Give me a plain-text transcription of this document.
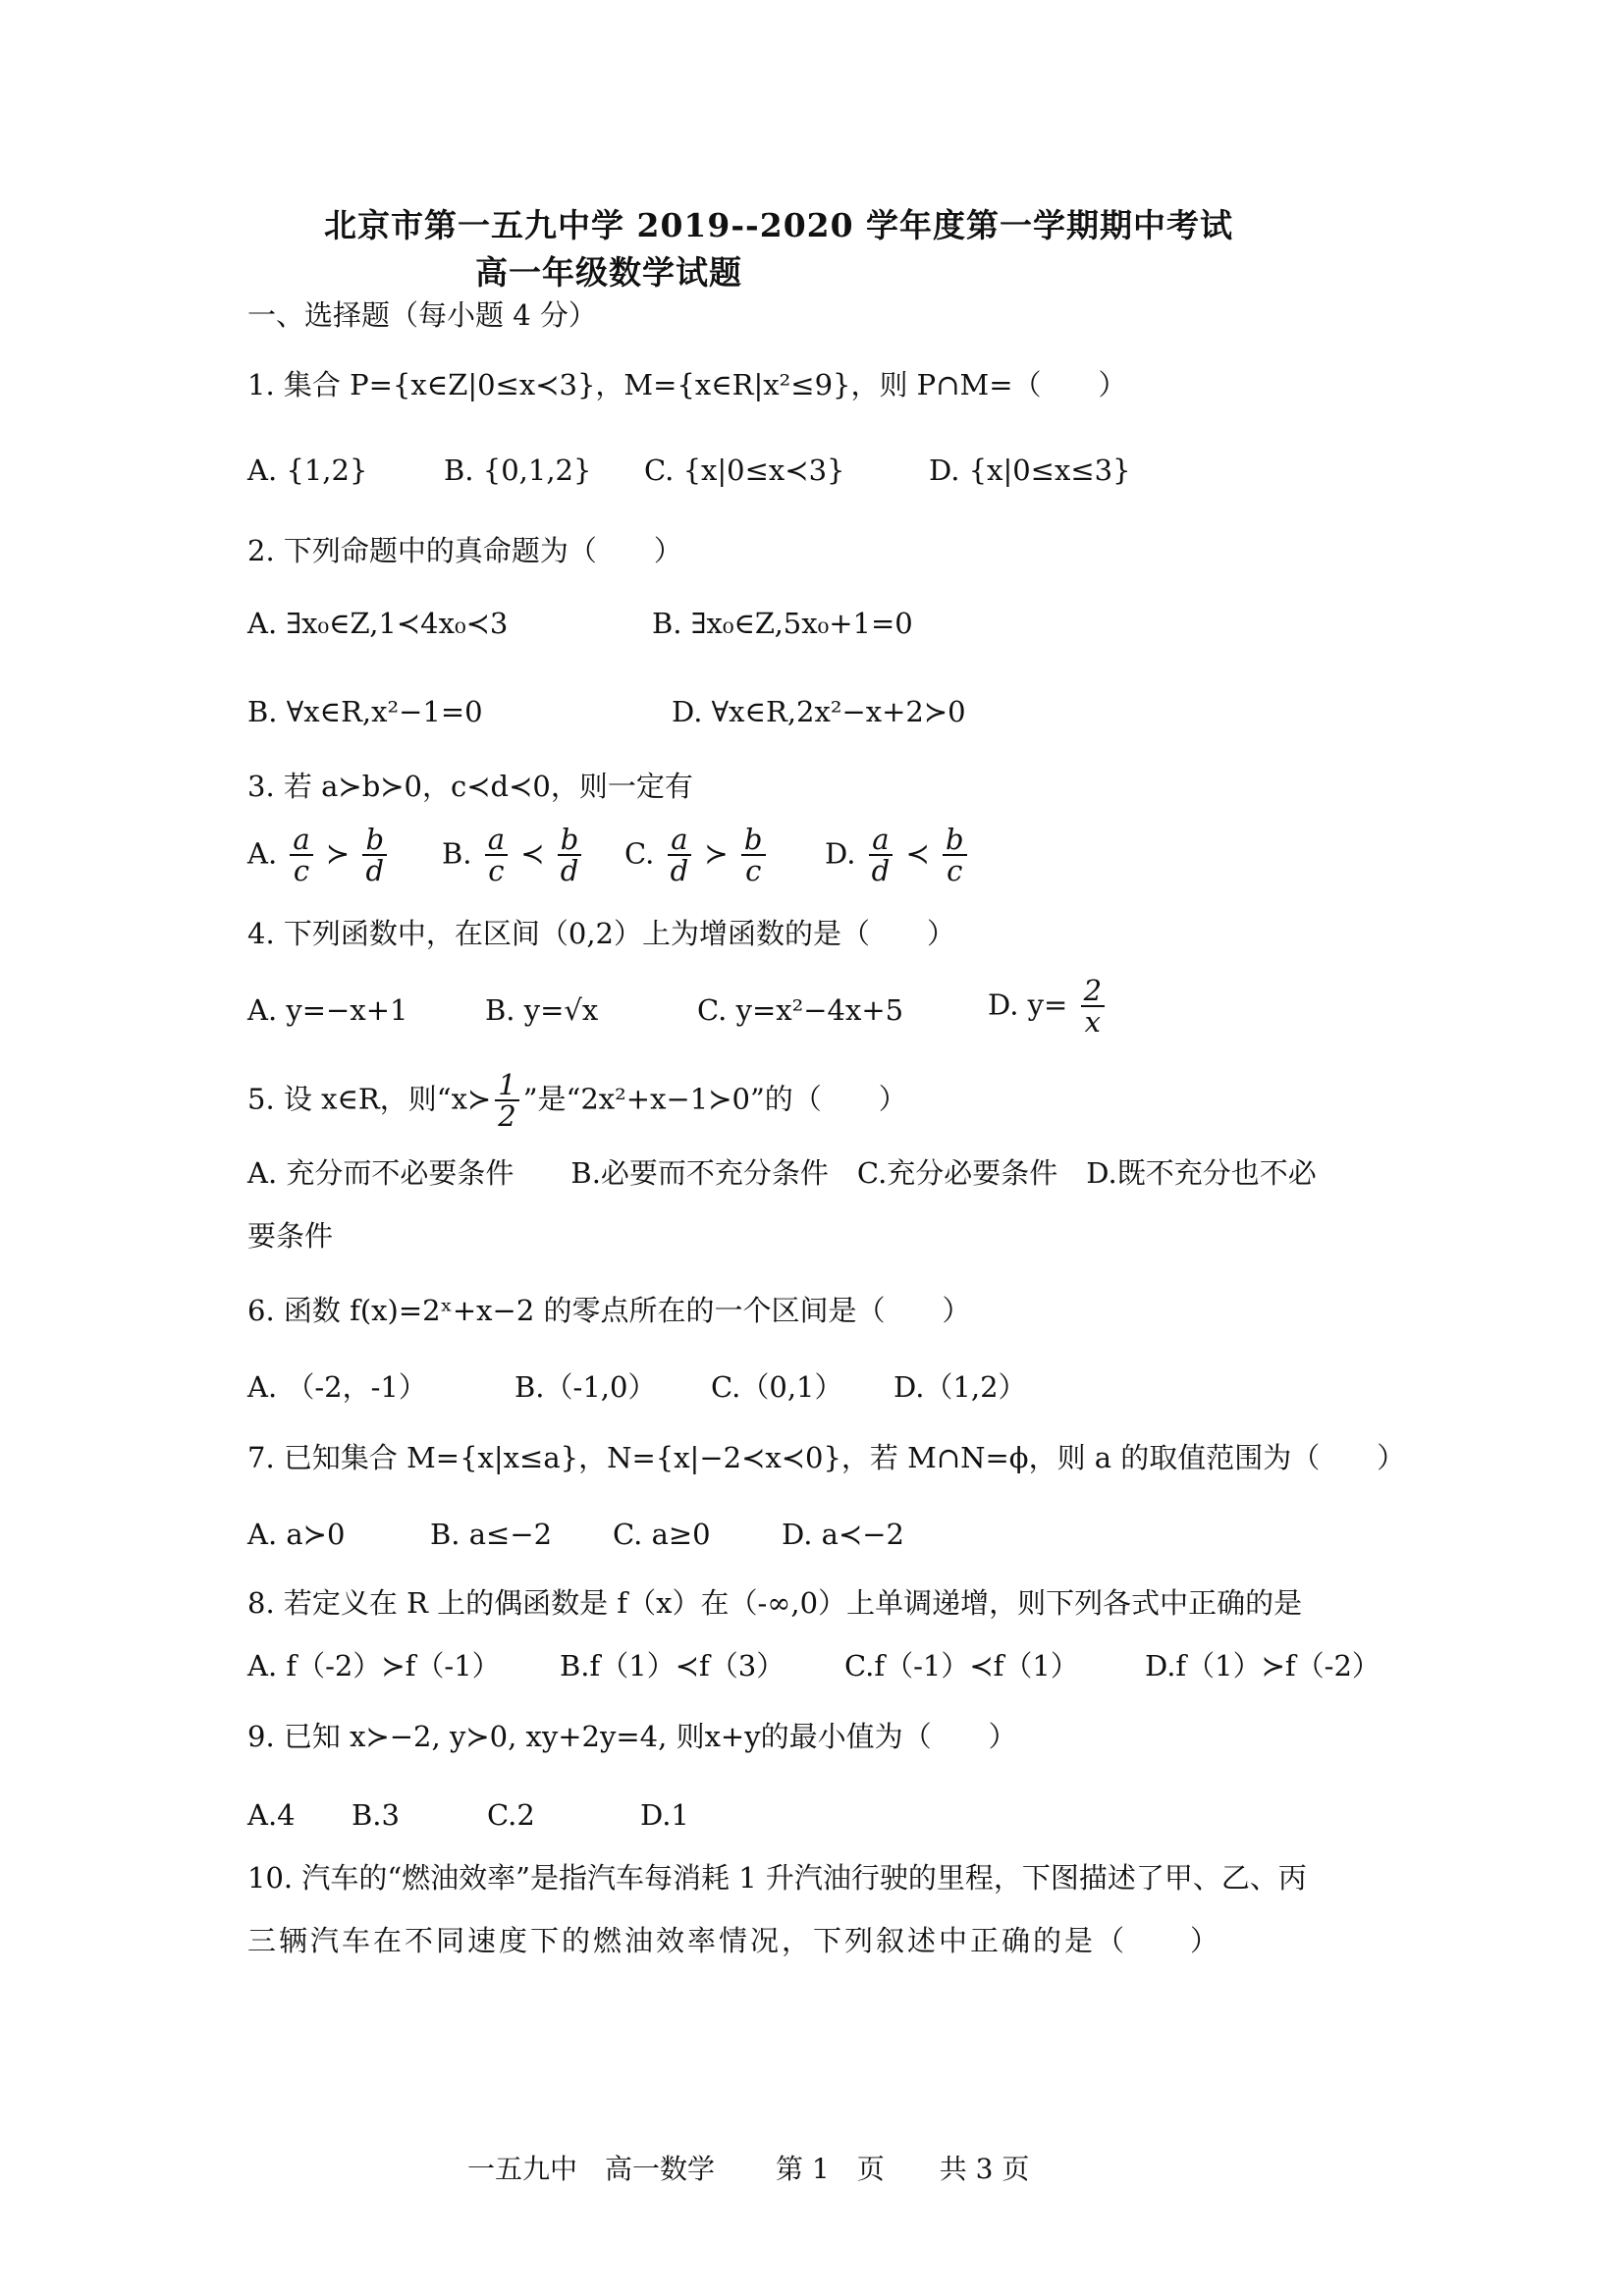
北京市第一五九中学 2019--2020 学年度第一学期期中考试
高一年级数学试题
一、选择题（每小题 4 分）
1. 集合 P={x∈Z|0≤x≺3}，M={x∈R|x²≤9}，则 P∩M=（　　）
A. {1,2}	B. {0,1,2} C. {x|0≤x≺3}	D. {x|0≤x≤3}
2. 下列命题中的真命题为（　　）
A. ∃x₀∈Z,1≺4x₀≺3	B. ∃x₀∈Z,5x₀+1=0
B. ∀x∈R,x²−1=0	D. ∀x∈R,2x²−x+2≻0
3. 若 a≻b≻0，c≺d≺0，则一定有
A. $\frac{a}{c}$ ≻ $\frac{b}{d} B$. $\frac{a}{c}$ ≺ $\frac{b}{d} C$. $\frac{a}{d}$ ≻ $\frac{b}{c} D$. $\frac{a}{d}$ ≺ $\frac{b}{c}$
4. 下列函数中，在区间（0,2）上为增函数的是（　　）
A. y=−x+1	B. y=√x	C. y=x²−4x+5	D. $y= \frac{2}{x}$
5. 设 x∈R，则“x≻ $\frac{1}{2}$ ”是“2x²+x−1≻0”的（　　）
A. 充分而不必要条件　　B.必要而不充分条件　C.充分必要条件　D.既不充分也不必
要条件
6. 函数 f(x)=2ˣ+x−2 的零点所在的一个区间是（　　）
A. （-2，-1）	B.（-1,0） C.（0,1） D.（1,2）
7. 已知集合 M={x|x≤a}，N={x|−2≺x≺0}，若 M∩N=ϕ，则 a 的取值范围为（　　）
A. a≻0	B. a≤−2 C. a≥0 D. a≺−2
8. 若定义在 R 上的偶函数是 f（x）在（-∞,0）上单调递增，则下列各式中正确的是
A. f（-2）≻f（-1） B.f（1）≺f（3） C.f（-1）≺f（1） D.f（1）≻f（-2）
9. 已知 x≻−2, y≻0, xy+2y=4, 则x+y的最小值为（　　）
A.4 B.3	C.2	D.1
10. 汽车的“燃油效率”是指汽车每消耗 1 升汽油行驶的里程，下图描述了甲、乙、丙
三辆汽车在不同速度下的燃油效率情况，下列叙述中正确的是（　　）
一五九中　高一数学 第 1　页　　共 3 页
